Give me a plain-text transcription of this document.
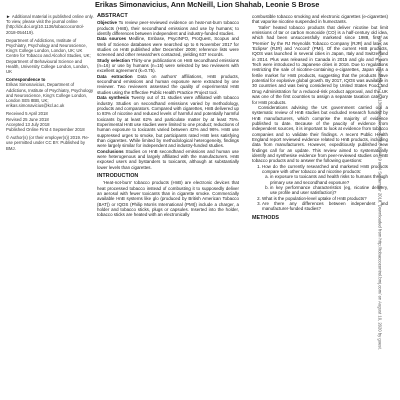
Erikas Simonavicius, Ann McNeill, Lion Shahab, Leonie S Brose

► Additional material is published online only. To view, please visit the journal online (http://dx.doi.org/10.1136/tobaccocontrol-2018-054419).

Department of Addictions, Institute of Psychiatry, Psychology and Neuroscience, King's College London, London, UK; UK Centre for Tobacco and Alcohol Studies, UK; Department of Behavioural Science and Health, University College London, London, UK

Correspondence to
Erikas Simonavicius, Department of Addictions, Institute of Psychiatry, Psychology and Neuroscience, King's College London, London SE5 8BB, UK; erikas.simonavicius@kcl.ac.uk

Received 5 April 2018
Revised 25 June 2018
Accepted 13 July 2018
Published Online First 4 September 2018

© Author(s) (or their employer(s)) 2019. Re-use permitted under CC BY. Published by BMJ.

ABSTRACT

Objective To review peer-reviewed evidence on heat-not-burn tobacco products (HnB), their secondhand emissions and use by humans; to identify differences between independent and industry-funded studies.

Data sources Medline, Embase, PsycINFO, ProQuest, Scopus and Web of Science databases were searched up to 6 November 2017 for studies on HnB published after December 2009; reference lists were screened and other researchers contacted, yielding 637 records.

Study selection Thirty-one publications on HnB secondhand emissions (n=16) or use by humans (n=15) were selected by two reviewers with excellent agreement (k=0.75).

Data extraction Data on authors' affiliations, HnB products, secondhand emissions and human exposure were extracted by one reviewer. Two reviewers assessed the quality of experimental HnB studies using the Effective Public Health Practice Project tool.

Data synthesis Twenty out of 31 studies were affiliated with tobacco industry. Studies on secondhand emissions varied by methodology, products and comparators. Compared with cigarettes, HnB delivered up to 83% of nicotine and reduced levels of harmful and potentially harmful toxicants by at least 62% and particulate matter by at least 75%. Experimental HnB use studies were limited to one product; reductions of human exposure to toxicants varied between 42% and 96%. HnB use suppressed urges to smoke, but participants rated HnB less satisfying than cigarettes. While limited by methodological heterogeneity, findings were largely similar for independent and industry-funded studies.

Conclusions Studies on HnB secondhand emissions and human use were heterogenous and largely affiliated with the manufacturers. HnB exposed users and bystanders to toxicants, although at substantially lower levels than cigarettes.

INTRODUCTION

'Heat-not-burn' tobacco products (HnB) are electronic devices that heat processed tobacco instead of combusting it to supposedly deliver an aerosol with fewer toxicants than in cigarette smoke. Commercially available HnB systems like glo (produced by British American Tobacco (BAT)) or IQOS (Philip Morris International (PMI)) include a charger, a holder and tobacco sticks, plugs or capsules. Inserted into the holder, tobacco sticks are heated with an electronically

combustible tobacco smoking and electronic cigarettes (e-cigarettes) that vaporise nicotine suspended in humectants.

'Safer' heated tobacco products that deliver nicotine but limit emissions of tar or carbon monoxide (CO) is a half-century old idea, which had been unsuccessfully marketed since 1988, first as 'Premier' by the RJ Reynolds Tobacco Company (RJR) and later as 'Eclipse' (RJR) and 'Accord' (PMI). Of the current HnB products, IQOS was launched in several cities in Japan, Italy and Switzerland in 2014. Plus was released in Canada in 2015 and glo and Ploom Tech were introduced to Japanese cities in 2016. Due to regulations restricting the sale of nicotine-containing e-cigarettes, Japan was a fertile market for HnB products, suggesting that the products have potential for explosive global growth. By 2017, IQOS was available in 30 countries and was being considered by United States Food and Drug Administration for a reduced-risk product approval, and the UK was one of the first countries to assign a separate taxation category for HnB products.

Considerations advising the UK government carried out a systematic review of HnB studies but excluded research funded by HnB manufacturers, which comprise the majority of evidence published to date. Because of the paucity of evidence from independent sources, it is important to look at evidence from tobacco companies and to validate their findings. A recent Public Health England report reviewed evidence related to HnB products, including data from manufacturers. However, expeditiously published new findings call for an update. This review aimed to systematically identify and synthesise evidence from peer-reviewed studies on HnB tobacco products and to answer the following questions:

1. How do the currently researched and marketed HnB products compare with other tobacco and nicotine products:
a. in exposure to toxicants and health risks to humans through primary use and secondhand exposure?
b. in key performance characteristics (eg, nicotine delivery, use profile and user satisfaction)?
2. What is the population-level uptake of HnB products?
3. Are there any differences between independent and manufacturer-funded studies?

METHODS	Tob Control: first published as 10.1136/tobaccocontrol-2018-054419 on 4 September 2018. Downloaded from http://tobaccocontrol.bmj.com/ on August 10, 2020 by guest.
